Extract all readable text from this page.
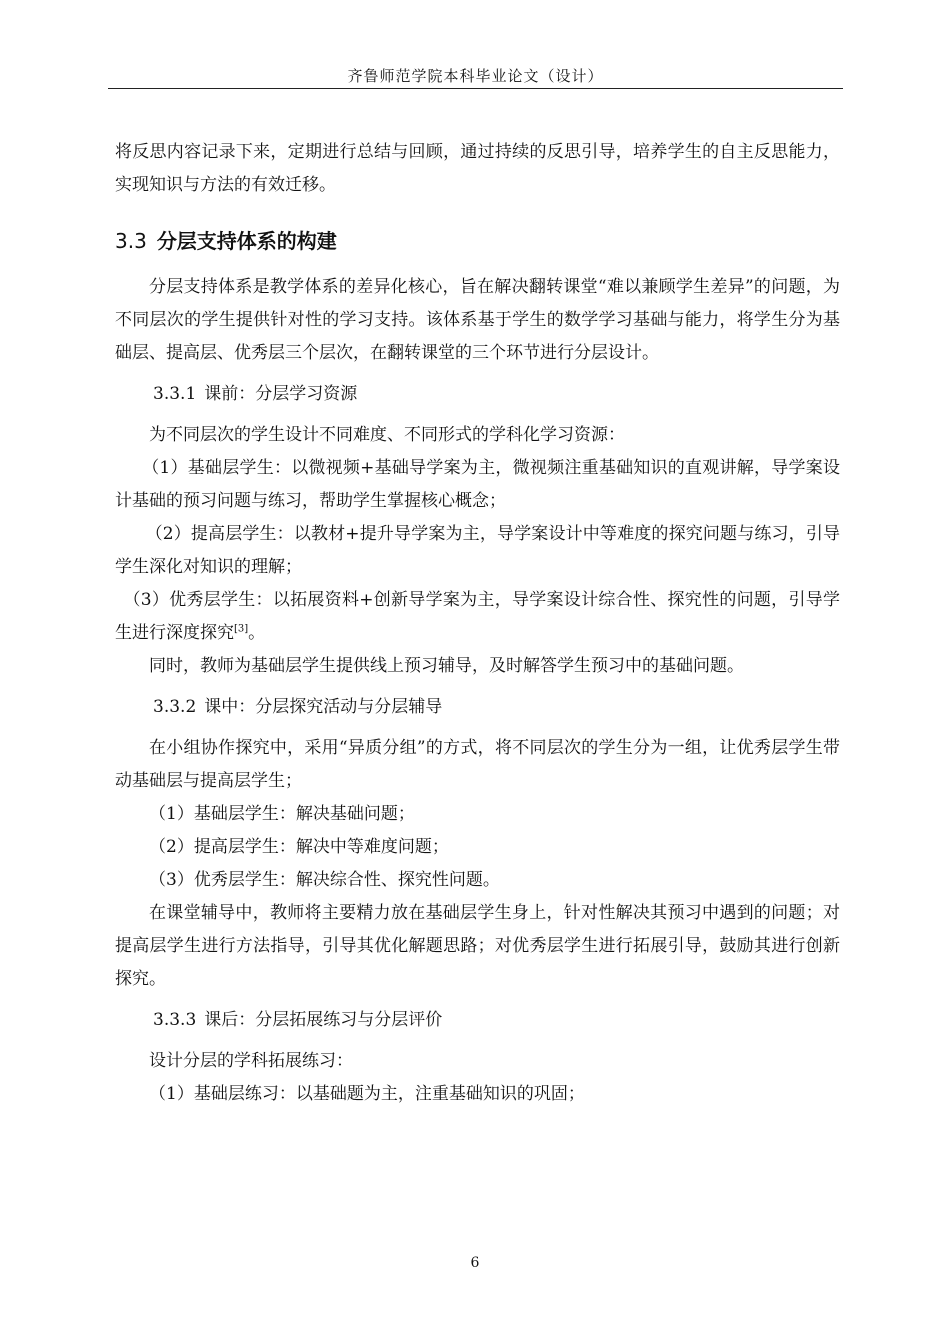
齐鲁师范学院本科毕业论文（设计）

将反思内容记录下来，定期进行总结与回顾，通过持续的反思引导，培养学生的自主反思能力，实现知识与方法的有效迁移。

3.3 分层支持体系的构建

分层支持体系是教学体系的差异化核心，旨在解决翻转课堂“难以兼顾学生差异”的问题，为不同层次的学生提供针对性的学习支持。该体系基于学生的数学学习基础与能力，将学生分为基础层、提高层、优秀层三个层次，在翻转课堂的三个环节进行分层设计。

3.3.1 课前：分层学习资源

为不同层次的学生设计不同难度、不同形式的学科化学习资源：

（1）基础层学生：以微视频+基础导学案为主，微视频注重基础知识的直观讲解，导学案设计基础的预习问题与练习，帮助学生掌握核心概念；

（2）提高层学生：以教材+提升导学案为主，导学案设计中等难度的探究问题与练习，引导学生深化对知识的理解；

（3）优秀层学生：以拓展资料+创新导学案为主，导学案设计综合性、探究性的问题，引导学生进行深度探究[3]。

同时，教师为基础层学生提供线上预习辅导，及时解答学生预习中的基础问题。

3.3.2 课中：分层探究活动与分层辅导

在小组协作探究中，采用“异质分组”的方式，将不同层次的学生分为一组，让优秀层学生带动基础层与提高层学生；

（1）基础层学生：解决基础问题；

（2）提高层学生：解决中等难度问题；

（3）优秀层学生：解决综合性、探究性问题。

在课堂辅导中，教师将主要精力放在基础层学生身上，针对性解决其预习中遇到的问题；对提高层学生进行方法指导，引导其优化解题思路；对优秀层学生进行拓展引导，鼓励其进行创新探究。

3.3.3 课后：分层拓展练习与分层评价

设计分层的学科拓展练习：

（1）基础层练习：以基础题为主，注重基础知识的巩固；

6
